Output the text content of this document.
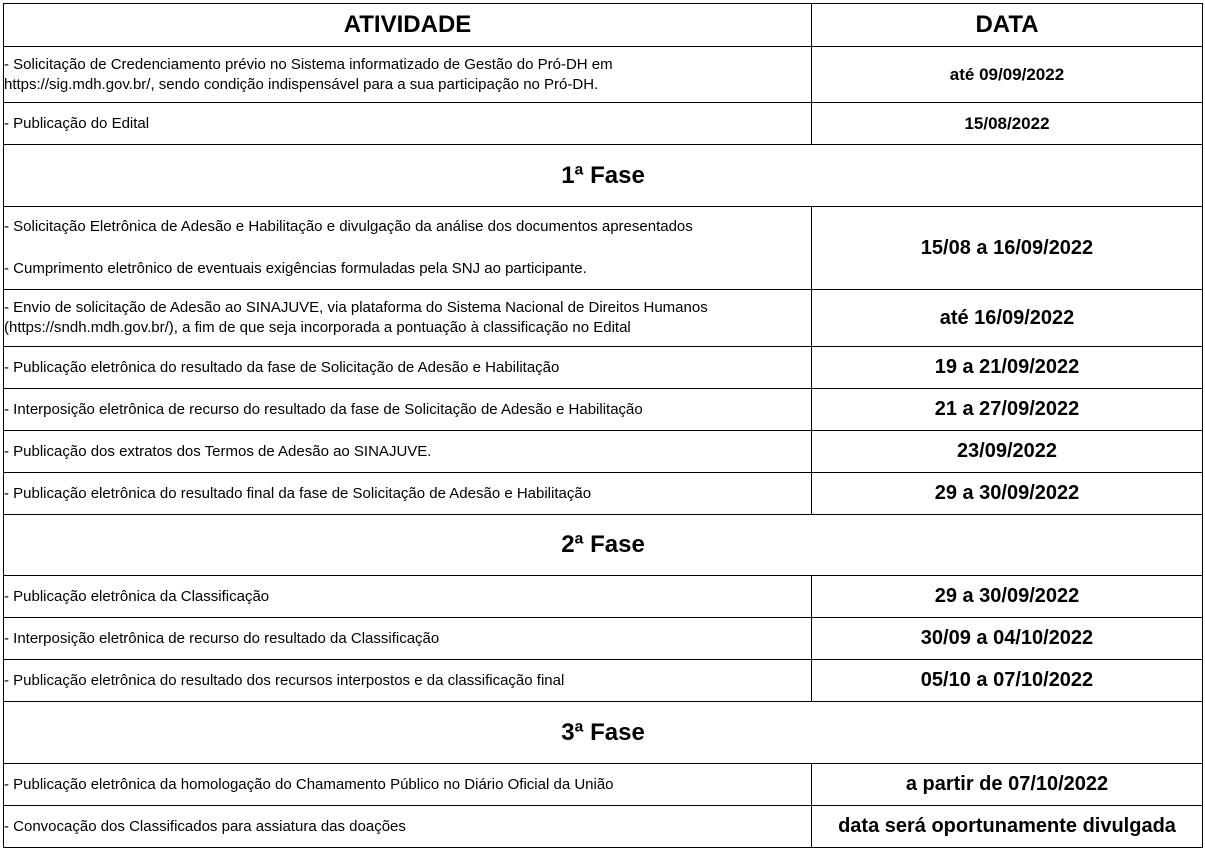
ATIVIDADE	DATA

- Solicitação de Credenciamento prévio no Sistema informatizado de Gestão do Pró-DH em

https://sig.mdh.gov.br/, sendo condição indispensável para a sua participação no Pró-DH.	até 09/09/2022

- Publicação do Edital	15/08/2022
1ª Fase	

- Solicitação Eletrônica de Adesão e Habilitação e divulgação da análise dos documentos apresentados

- Cumprimento eletrônico de eventuais exigências formuladas pela SNJ ao participante.	15/08 a 16/09/2022

- Envio de solicitação de Adesão ao SINAJUVE, via plataforma do Sistema Nacional de Direitos Humanos

(https://sndh.mdh.gov.br/), a fim de que seja incorporada a pontuação à classificação no Edital	até 16/09/2022

- Publicação eletrônica do resultado da fase de Solicitação de Adesão e Habilitação	19 a 21/09/2022

- Interposição eletrônica de recurso do resultado da fase de Solicitação de Adesão e Habilitação	21 a 27/09/2022

- Publicação dos extratos dos Termos de Adesão ao SINAJUVE.	23/09/2022

- Publicação eletrônica do resultado final da fase de Solicitação de Adesão e Habilitação	29 a 30/09/2022
2ª Fase	

- Publicação eletrônica da Classificação	29 a 30/09/2022

- Interposição eletrônica de recurso do resultado da Classificação	30/09 a 04/10/2022

- Publicação eletrônica do resultado dos recursos interpostos e da classificação final	05/10 a 07/10/2022
3ª Fase	

- Publicação eletrônica da homologação do Chamamento Público no Diário Oficial da União	a partir de 07/10/2022

- Convocação dos Classificados para assiatura das doações	data será oportunamente divulgada
